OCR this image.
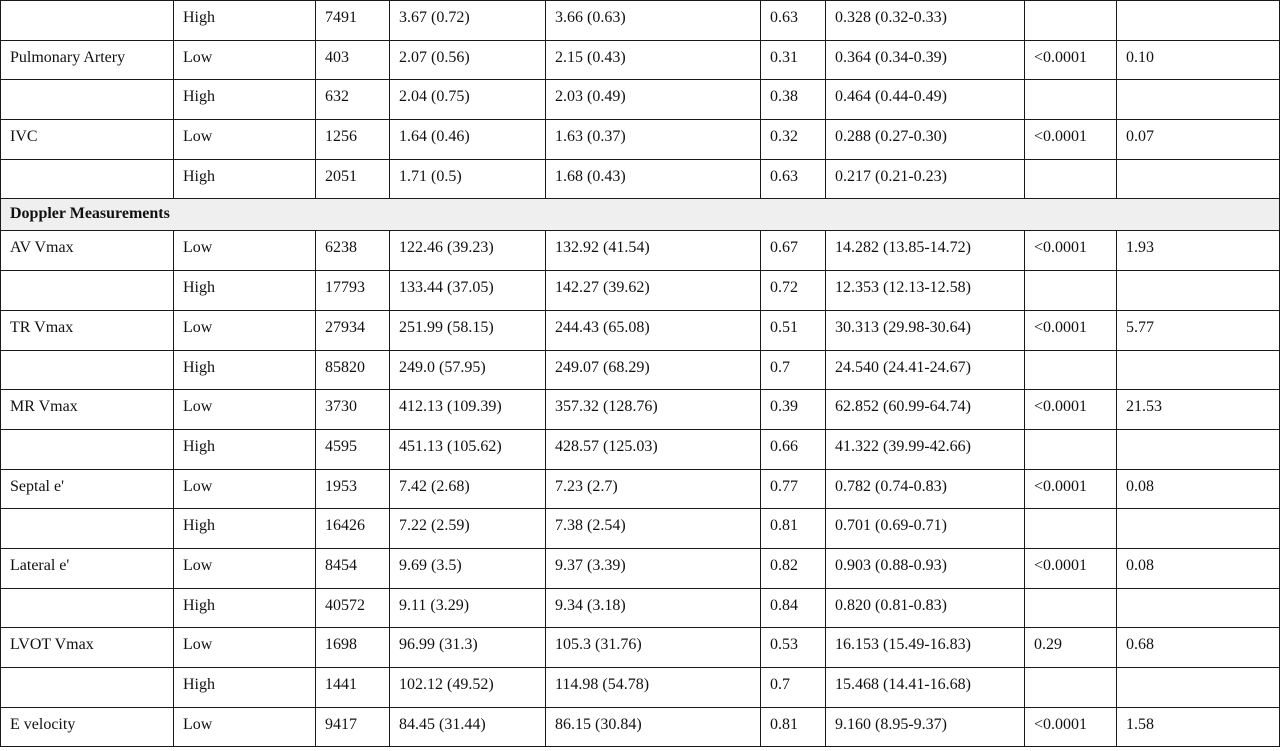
	High	7491	3.67 (0.72)	3.66 (0.63)	0.63	0.328 (0.32-0.33)		
Pulmonary Artery	Low	403	2.07 (0.56)	2.15 (0.43)	0.31	0.364 (0.34-0.39)	<0.0001	0.10
	High	632	2.04 (0.75)	2.03 (0.49)	0.38	0.464 (0.44-0.49)		
IVC	Low	1256	1.64 (0.46)	1.63 (0.37)	0.32	0.288 (0.27-0.30)	<0.0001	0.07
	High	2051	1.71 (0.5)	1.68 (0.43)	0.63	0.217 (0.21-0.23)		
Doppler Measurements								
AV Vmax	Low	6238	122.46 (39.23)	132.92 (41.54)	0.67	14.282 (13.85-14.72)	<0.0001	1.93
	High	17793	133.44 (37.05)	142.27 (39.62)	0.72	12.353 (12.13-12.58)		
TR Vmax	Low	27934	251.99 (58.15)	244.43 (65.08)	0.51	30.313 (29.98-30.64)	<0.0001	5.77
	High	85820	249.0 (57.95)	249.07 (68.29)	0.7	24.540 (24.41-24.67)		
MR Vmax	Low	3730	412.13 (109.39)	357.32 (128.76)	0.39	62.852 (60.99-64.74)	<0.0001	21.53
	High	4595	451.13 (105.62)	428.57 (125.03)	0.66	41.322 (39.99-42.66)		
Septal e'	Low	1953	7.42 (2.68)	7.23 (2.7)	0.77	0.782 (0.74-0.83)	<0.0001	0.08
	High	16426	7.22 (2.59)	7.38 (2.54)	0.81	0.701 (0.69-0.71)		
Lateral e'	Low	8454	9.69 (3.5)	9.37 (3.39)	0.82	0.903 (0.88-0.93)	<0.0001	0.08
	High	40572	9.11 (3.29)	9.34 (3.18)	0.84	0.820 (0.81-0.83)		
LVOT Vmax	Low	1698	96.99 (31.3)	105.3 (31.76)	0.53	16.153 (15.49-16.83)	0.29	0.68
	High	1441	102.12 (49.52)	114.98 (54.78)	0.7	15.468 (14.41-16.68)		
E velocity	Low	9417	84.45 (31.44)	86.15 (30.84)	0.81	9.160 (8.95-9.37)	<0.0001	1.58
